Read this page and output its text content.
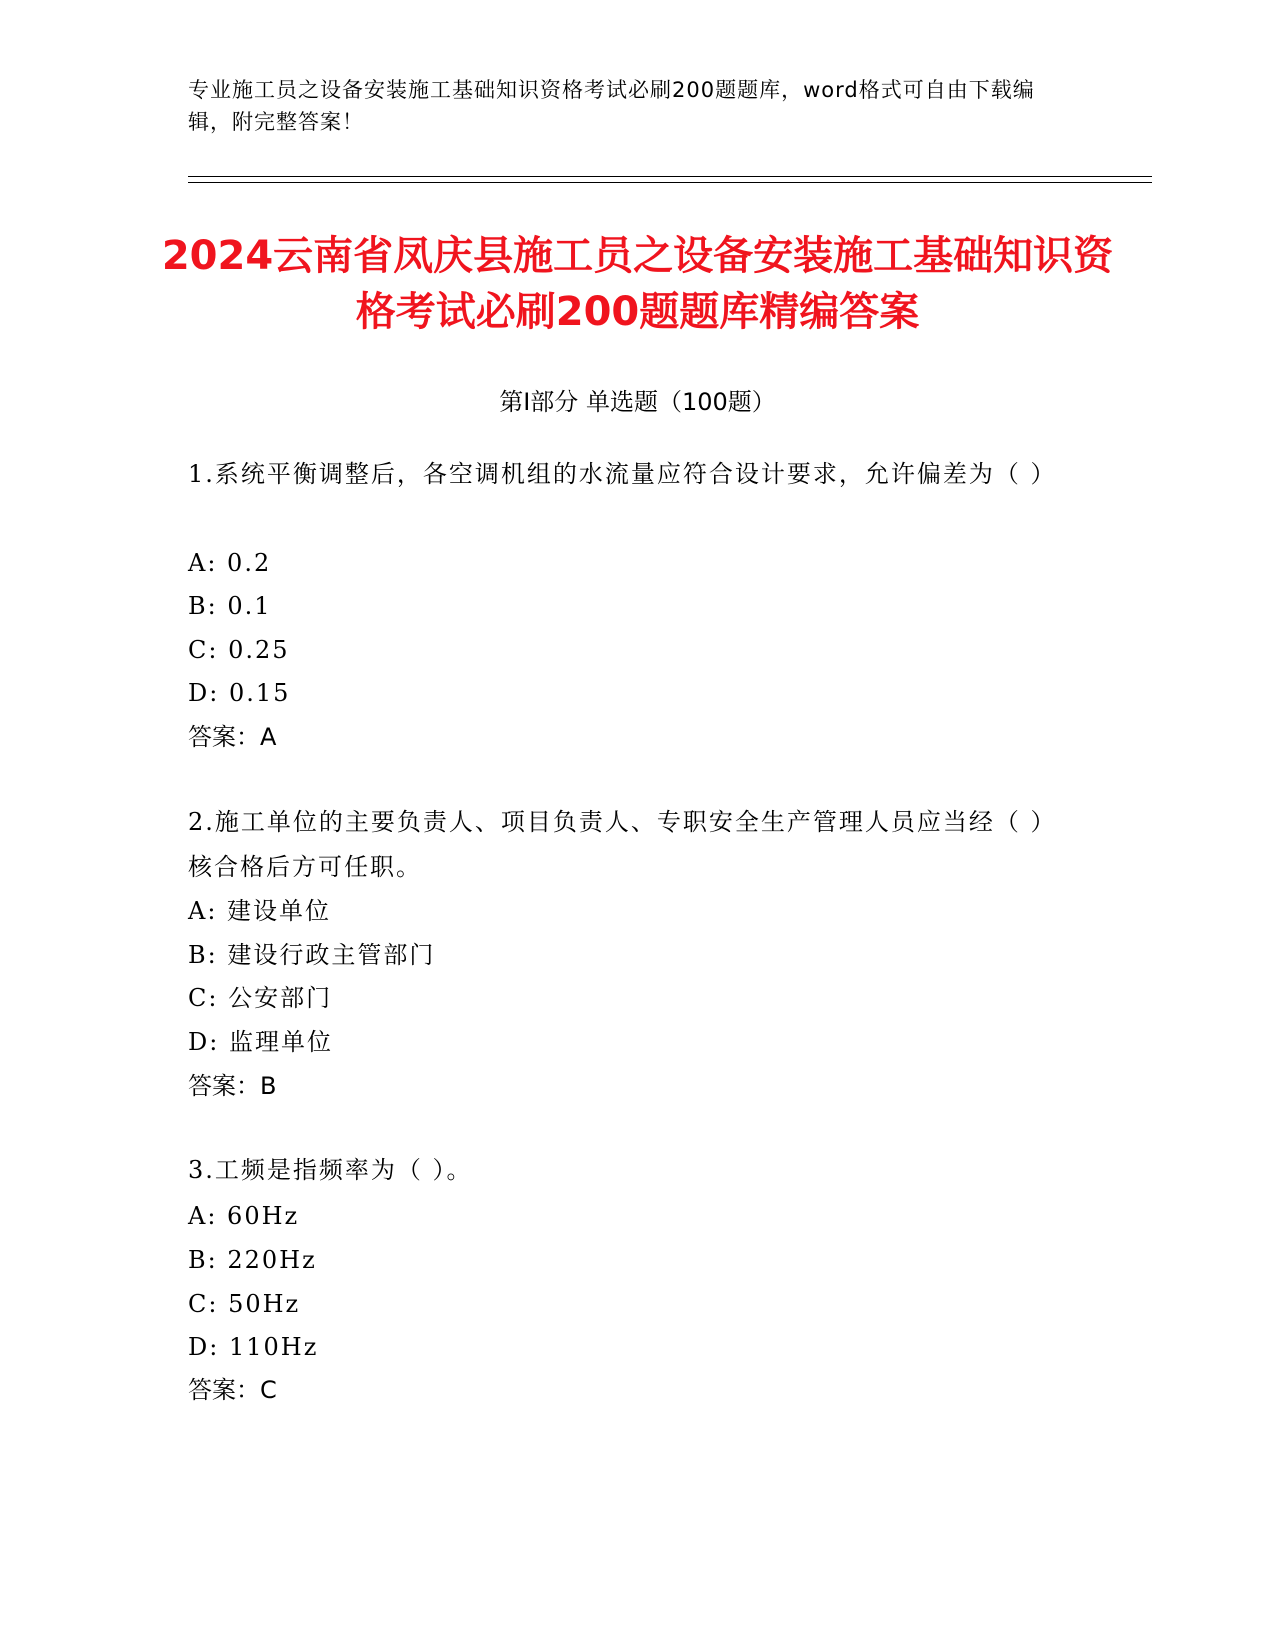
专业施工员之设备安装施工基础知识资格考试必刷200题题库，word格式可自由下载编辑，附完整答案！
2024云南省凤庆县施工员之设备安装施工基础知识资格考试必刷200题题库精编答案
第Ⅰ部分 单选题（100题）
1.系统平衡调整后，各空调机组的水流量应符合设计要求，允许偏差为（ ）
A: 0.2
B: 0.1
C: 0.25
D: 0.15
答案：A
2.施工单位的主要负责人、项目负责人、专职安全生产管理人员应当经（ ）核合格后方可任职。
A: 建设单位
B: 建设行政主管部门
C: 公安部门
D: 监理单位
答案：B
3.工频是指频率为（ ）。
A: 60Hz
B: 220Hz
C: 50Hz
D: 110Hz
答案：C
